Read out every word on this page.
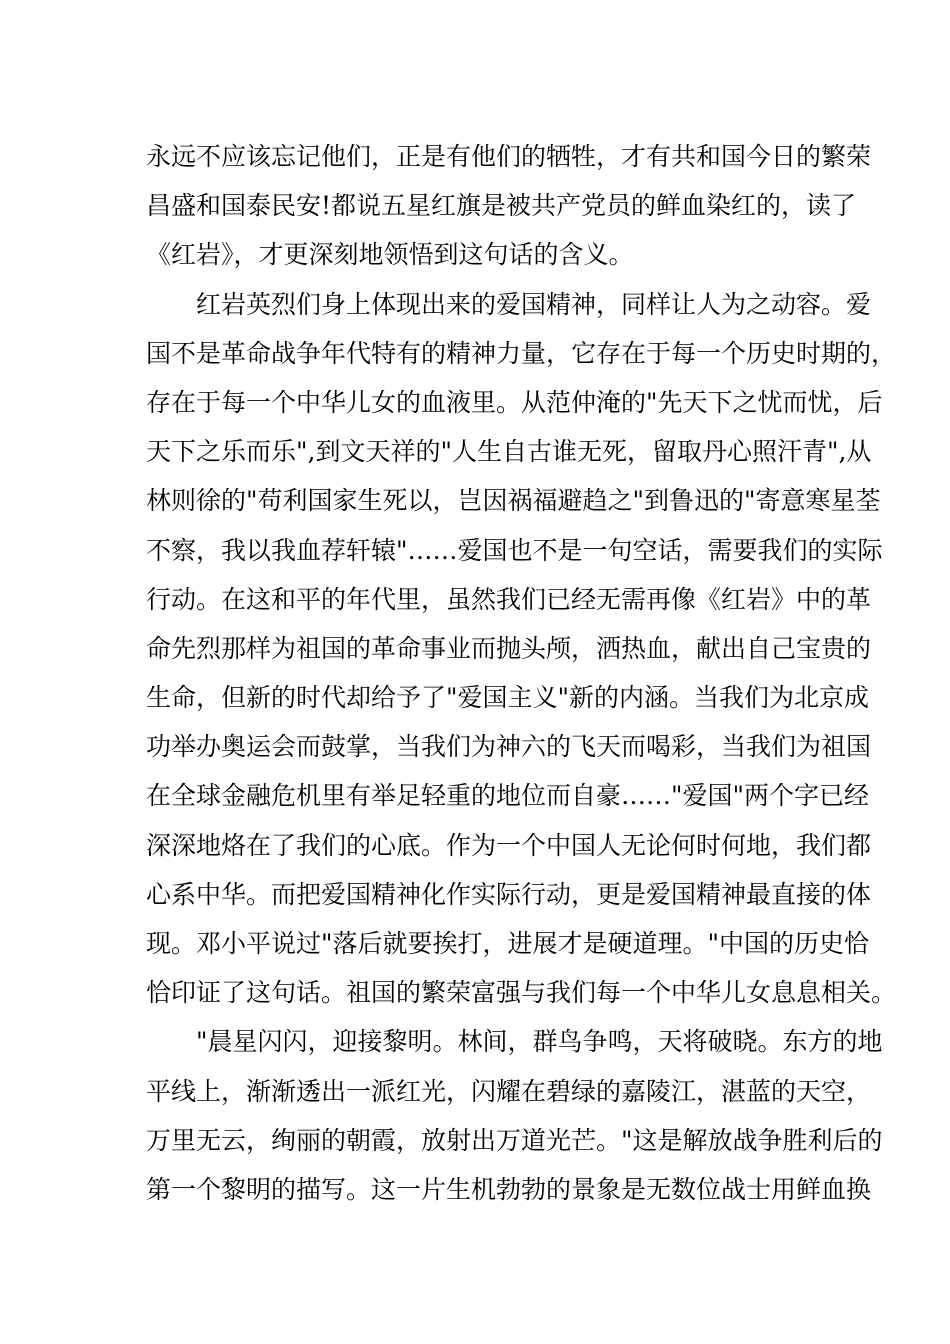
永远不应该忘记他们，正是有他们的牺牲，才有共和国今日的繁荣
昌盛和国泰民安!都说五星红旗是被共产党员的鲜血染红的，读了
《红岩》，才更深刻地领悟到这句话的含义。
红岩英烈们身上体现出来的爱国精神，同样让人为之动容。爱
国不是革命战争年代特有的精神力量，它存在于每一个历史时期的，
存在于每一个中华儿女的血液里。从范仲淹的"先天下之忧而忧，后
天下之乐而乐",到文天祥的"人生自古谁无死，留取丹心照汗青",从
林则徐的"苟利国家生死以，岂因祸福避趋之"到鲁迅的"寄意寒星荃
不察，我以我血荐轩辕"……爱国也不是一句空话，需要我们的实际
行动。在这和平的年代里，虽然我们已经无需再像《红岩》中的革
命先烈那样为祖国的革命事业而抛头颅，洒热血，献出自己宝贵的
生命，但新的时代却给予了"爱国主义"新的内涵。当我们为北京成
功举办奥运会而鼓掌，当我们为神六的飞天而喝彩，当我们为祖国
在全球金融危机里有举足轻重的地位而自豪……"爱国"两个字已经
深深地烙在了我们的心底。作为一个中国人无论何时何地，我们都
心系中华。而把爱国精神化作实际行动，更是爱国精神最直接的体
现。邓小平说过"落后就要挨打，进展才是硬道理。"中国的历史恰
恰印证了这句话。祖国的繁荣富强与我们每一个中华儿女息息相关。
"晨星闪闪，迎接黎明。林间，群鸟争鸣，天将破晓。东方的地
平线上，渐渐透出一派红光，闪耀在碧绿的嘉陵江，湛蓝的天空，
万里无云，绚丽的朝霞，放射出万道光芒。"这是解放战争胜利后的
第一个黎明的描写。这一片生机勃勃的景象是无数位战士用鲜血换
